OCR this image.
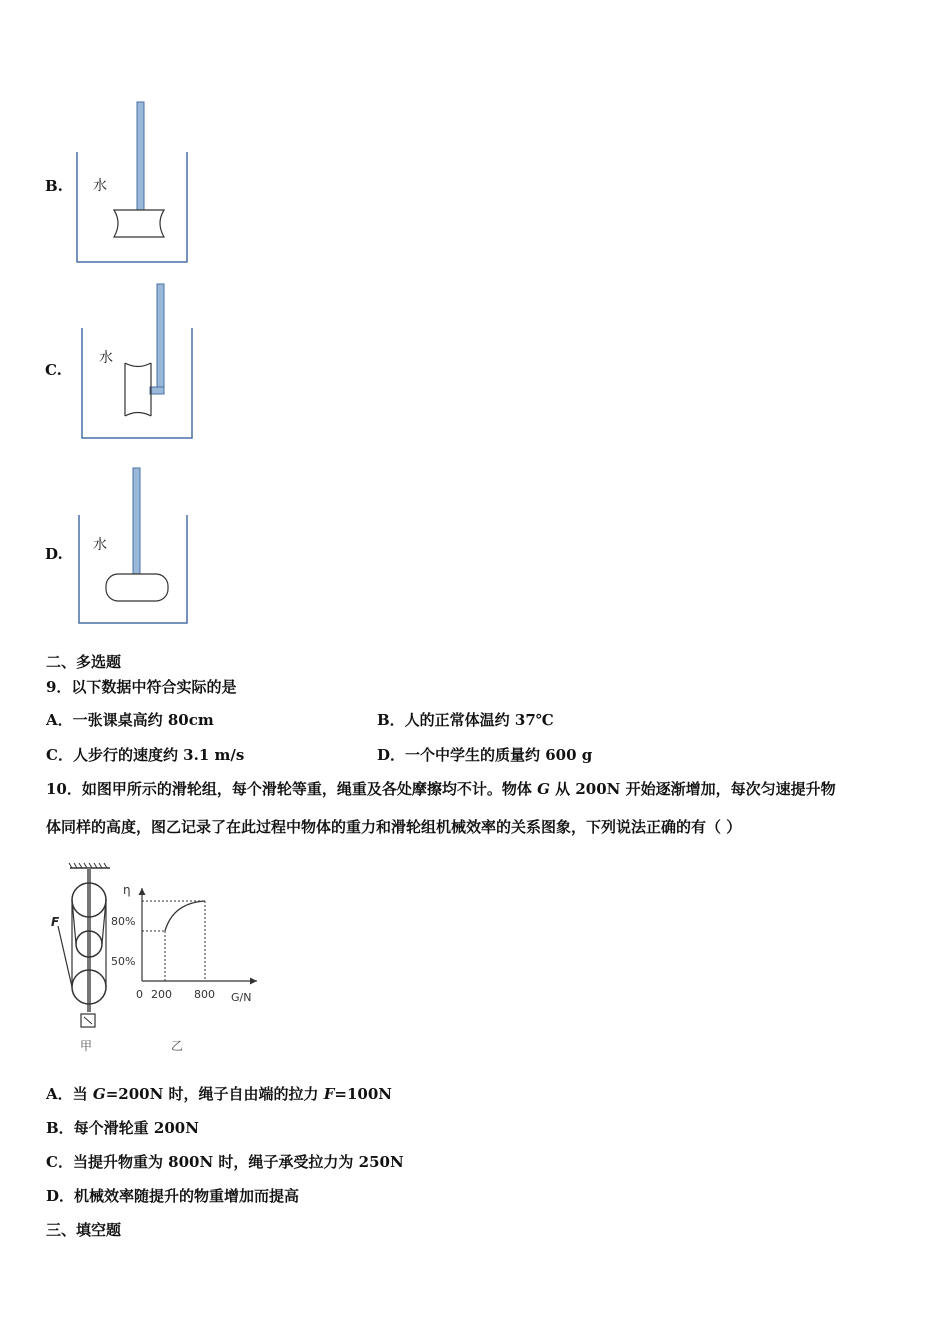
B. 水
C.
水
D. 水
二、多选题
9．以下数据中符合实际的是
A．一张课桌高约 80cm	B．人的正常体温约 37℃
C．人步行的速度约 3.1 m/s	D．一个中学生的质量约 600 g
10．如图甲所示的滑轮组，每个滑轮等重，绳重及各处摩擦均不计。物体 G 从 200N 开始逐渐增加，每次匀速提升物
体同样的高度，图乙记录了在此过程中物体的重力和滑轮组机械效率的关系图象，下列说法正确的有（ ）
F
甲
η
G/N
0 200 800
50%
80%
乙
A．当 G=200N 时，绳子自由端的拉力 F=100N
B．每个滑轮重 200N
C．当提升物重为 800N 时，绳子承受拉力为 250N
D．机械效率随提升的物重增加而提高
三、填空题
